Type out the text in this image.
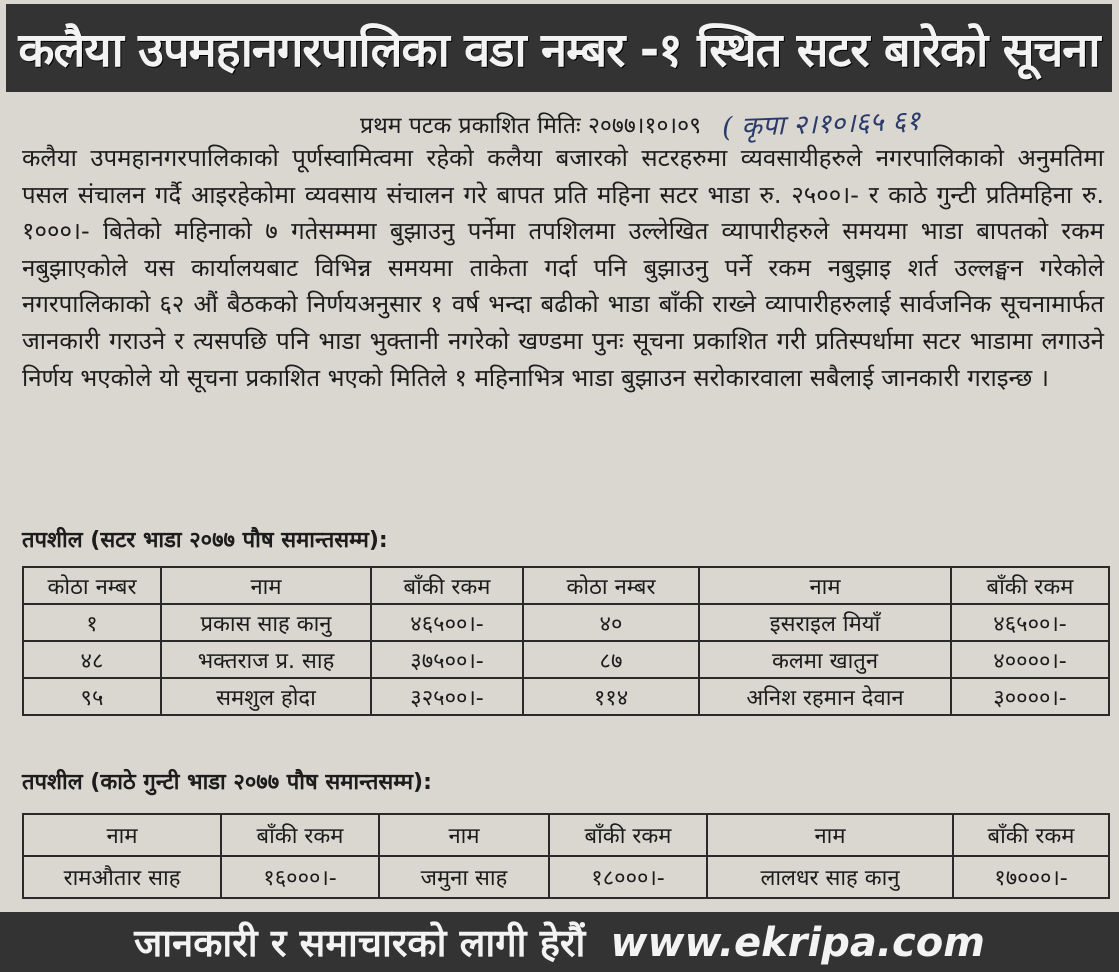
कलैया उपमहानगरपालिका वडा नम्बर -१ स्थित सटर बारेको सूचना
प्रथम पटक प्रकाशित मितिः २०७७।१०।०९ ( कृपा २।१०।६५ ६१
कलैया उपमहानगरपालिकाको पूर्णस्वामित्वमा रहेको कलैया बजारको सटरहरुमा व्यवसायीहरुले नगरपालिकाको अनुमतिमा पसल संचालन गर्दै आइरहेकोमा व्यवसाय संचालन गरे बापत प्रति महिना सटर भाडा रु. २५००।- र काठे गुन्टी प्रतिमहिना रु. १०००।- बितेको महिनाको ७ गतेसम्ममा बुझाउनु पर्नेमा तपशिलमा उल्लेखित व्यापारीहरुले समयमा भाडा बापतको रकम नबुझाएकोले यस कार्यालयबाट विभिन्न समयमा ताकेता गर्दा पनि बुझाउनु पर्ने रकम नबुझाइ शर्त उल्लङ्घन गरेकोले नगरपालिकाको ६२ औं बैठकको निर्णयअनुसार १ वर्ष भन्दा बढीको भाडा बाँकी राख्ने व्यापारीहरुलाई सार्वजनिक सूचनामार्फत जानकारी गराउने र त्यसपछि पनि भाडा भुक्तानी नगरेको खण्डमा पुनः सूचना प्रकाशित गरी प्रतिस्पर्धामा सटर भाडामा लगाउने निर्णय भएकोले यो सूचना प्रकाशित भएको मितिले १ महिनाभित्र भाडा बुझाउन सरोकारवाला सबैलाई जानकारी गराइन्छ ।
तपशील (सटर भाडा २०७७ पौष समान्तसम्म):
कोठा नम्बर	नाम	बाँकी रकम	कोठा नम्बर	नाम	बाँकी रकम
१	प्रकास साह कानु	४६५००।-	४०	इसराइल मियाँ	४६५००।-
४८	भक्तराज प्र. साह	३७५००।-	८७	कलमा खातुन	४००००।-
९५	समशुल होदा	३२५००।-	११४	अनिश रहमान देवान	३००००।-
तपशील (काठे गुन्टी भाडा २०७७ पौष समान्तसम्म):
नाम	बाँकी रकम	नाम	बाँकी रकम	नाम	बाँकी रकम
रामऔतार साह	१६०००।-	जमुना साह	१८०००।-	लालधर साह कानु	१७०००।-
जानकारी र समाचारको लागी हेरौं www.ekripa.com
